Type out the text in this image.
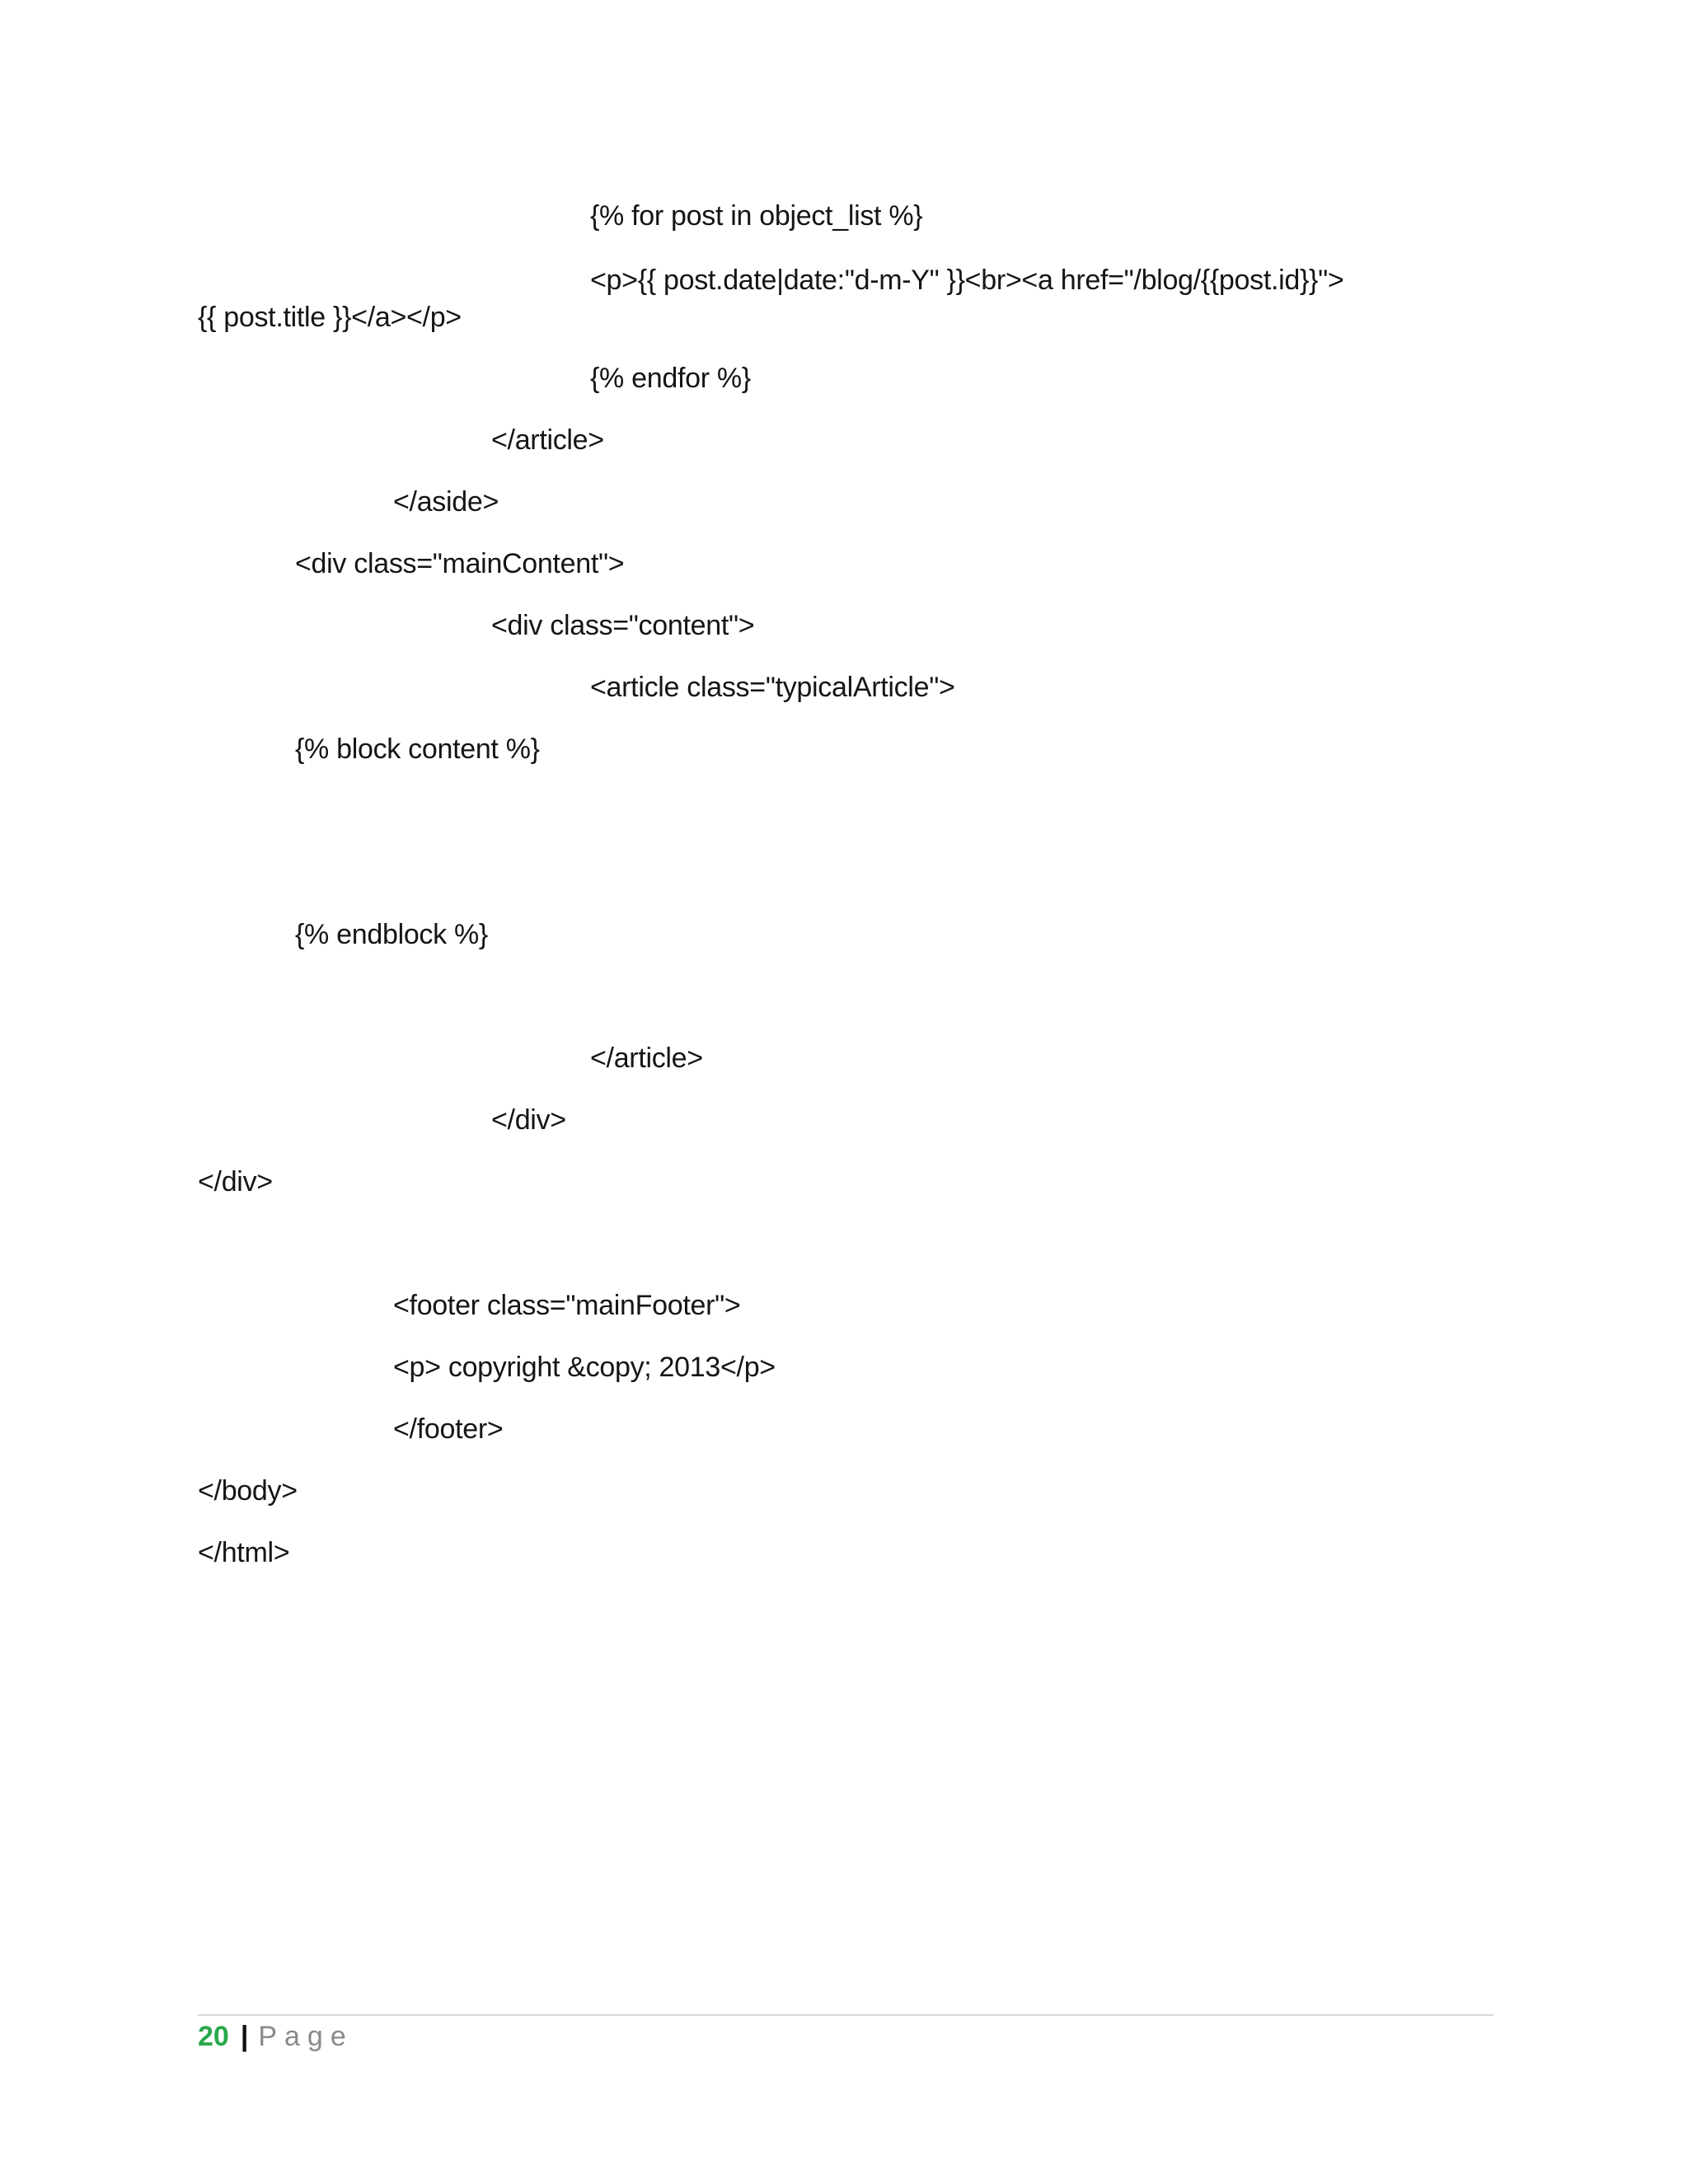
{% for post in object_list %}
<p>{{ post.date|date:"d-m-Y" }}<br><a href="/blog/{{post.id}}">
{{ post.title }}</a></p>
{% endfor %}
</article>
</aside>
<div class="mainContent">
<div class="content">
<article class="typicalArticle">
{% block content %}
{% endblock %}
</article>
</div>
</div>
<footer class="mainFooter">
<p> copyright &copy; 2013</p>
</footer>
</body>
</html>
20 | Page
